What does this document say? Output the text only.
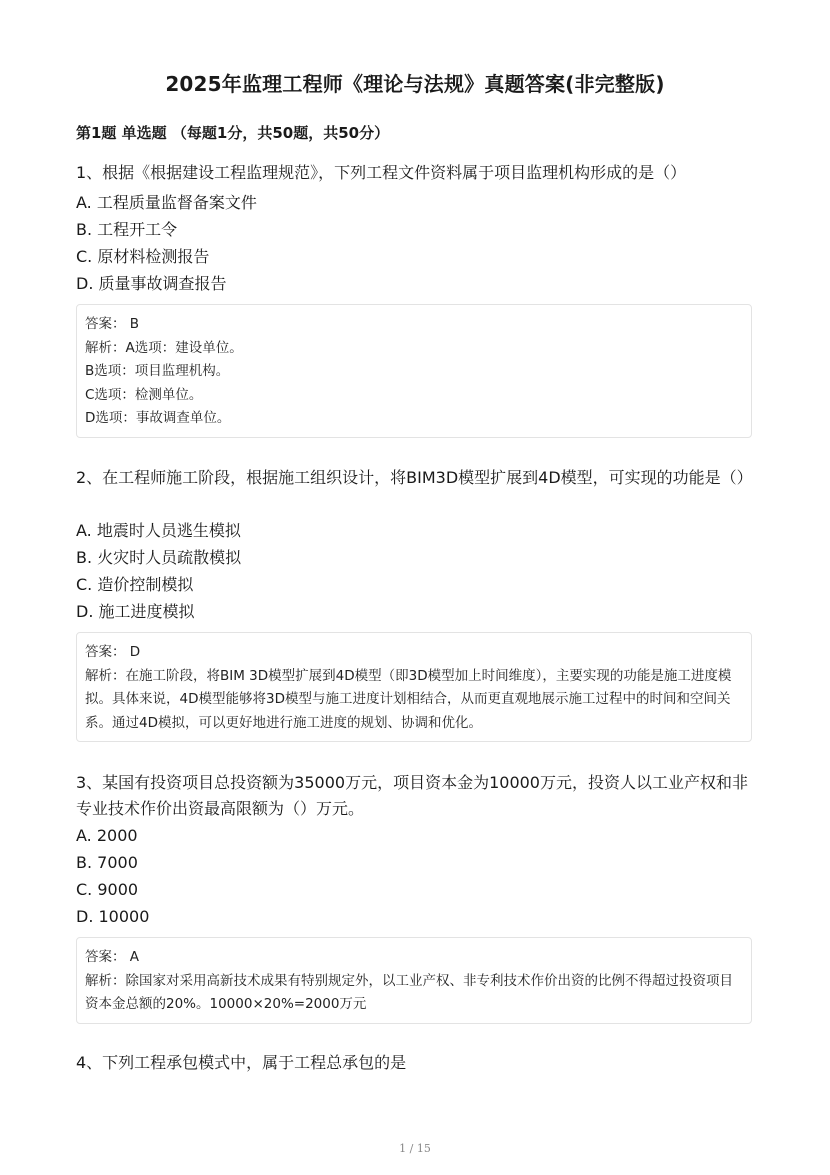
2025年监理工程师《理论与法规》真题答案(非完整版)
第1题 单选题 （每题1分，共50题，共50分）
1、根据《根据建设工程监理规范》，下列工程文件资料属于项目监理机构形成的是（）
A. 工程质量监督备案文件
B. 工程开工令
C. 原材料检测报告
D. 质量事故调查报告
答案： B
解析：A选项：建设单位。
B选项：项目监理机构。
C选项：检测单位。
D选项：事故调查单位。
2、在工程师施工阶段，根据施工组织设计，将BIM3D模型扩展到4D模型，可实现的功能是（）
A. 地震时人员逃生模拟
B. 火灾时人员疏散模拟
C. 造价控制模拟
D. 施工进度模拟
答案： D
解析：在施工阶段，将BIM 3D模型扩展到4D模型（即3D模型加上时间维度），主要实现的功能是施工进度模拟。具体来说，4D模型能够将3D模型与施工进度计划相结合，从而更直观地展示施工过程中的时间和空间关系。通过4D模拟，可以更好地进行施工进度的规划、协调和优化。
3、某国有投资项目总投资额为35000万元，项目资本金为10000万元，投资人以工业产权和非专业技术作价出资最高限额为（）万元。
A. 2000
B. 7000
C. 9000
D. 10000
答案： A
解析：除国家对采用高新技术成果有特别规定外，以工业产权、非专利技术作价出资的比例不得超过投资项目资本金总额的20%。10000×20%=2000万元
4、下列工程承包模式中，属于工程总承包的是
1 / 15
